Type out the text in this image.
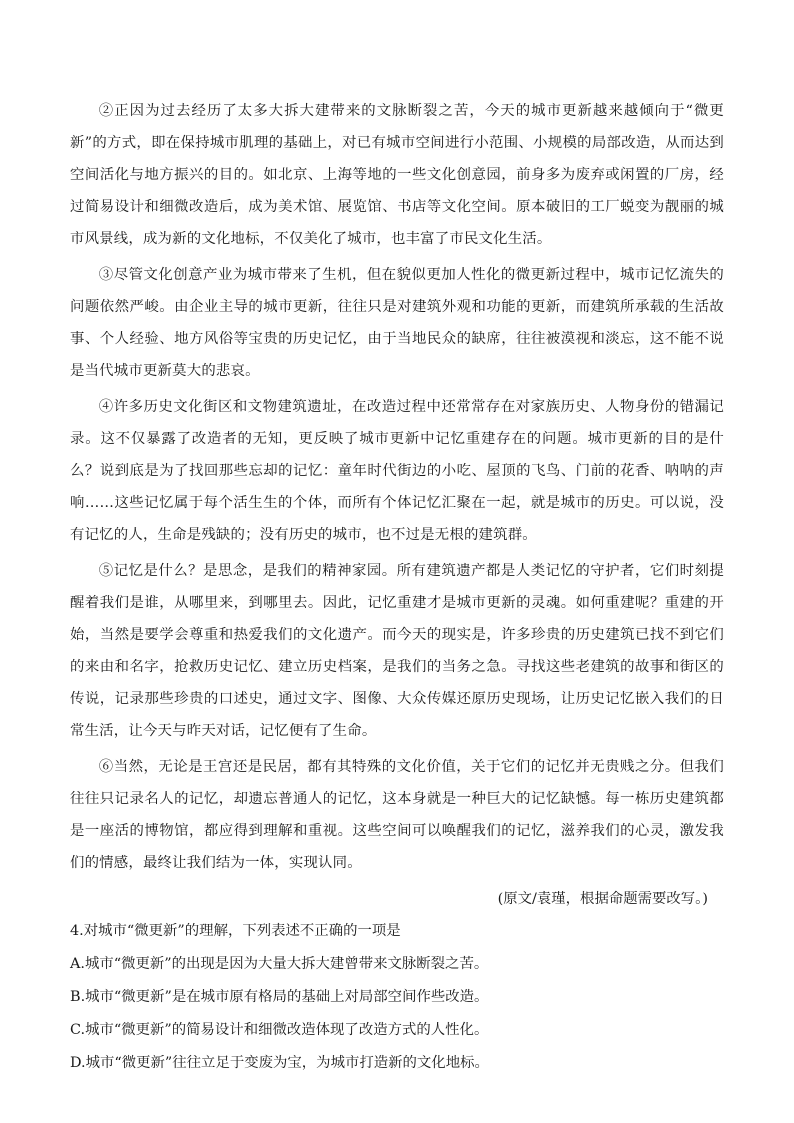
②正因为过去经历了太多大拆大建带来的文脉断裂之苦，今天的城市更新越来越倾向于“微更新”的方式，即在保持城市肌理的基础上，对已有城市空间进行小范围、小规模的局部改造，从而达到空间活化与地方振兴的目的。如北京、上海等地的一些文化创意园，前身多为废弃或闲置的厂房，经过简易设计和细微改造后，成为美术馆、展览馆、书店等文化空间。原本破旧的工厂蜕变为靓丽的城市风景线，成为新的文化地标，不仅美化了城市，也丰富了市民文化生活。

③尽管文化创意产业为城市带来了生机，但在貌似更加人性化的微更新过程中，城市记忆流失的问题依然严峻。由企业主导的城市更新，往往只是对建筑外观和功能的更新，而建筑所承载的生活故事、个人经验、地方风俗等宝贵的历史记忆，由于当地民众的缺席，往往被漠视和淡忘，这不能不说是当代城市更新莫大的悲哀。

④许多历史文化街区和文物建筑遗址，在改造过程中还常常存在对家族历史、人物身份的错漏记录。这不仅暴露了改造者的无知，更反映了城市更新中记忆重建存在的问题。城市更新的目的是什么？说到底是为了找回那些忘却的记忆：童年时代街边的小吃、屋顶的飞鸟、门前的花香、呐呐的声响……这些记忆属于每个活生生的个体，而所有个体记忆汇聚在一起，就是城市的历史。可以说，没有记忆的人，生命是残缺的；没有历史的城市，也不过是无根的建筑群。

⑤记忆是什么？是思念，是我们的精神家园。所有建筑遗产都是人类记忆的守护者，它们时刻提醒着我们是谁，从哪里来，到哪里去。因此，记忆重建才是城市更新的灵魂。如何重建呢？重建的开始，当然是要学会尊重和热爱我们的文化遗产。而今天的现实是，许多珍贵的历史建筑已找不到它们的来由和名字，抢救历史记忆、建立历史档案，是我们的当务之急。寻找这些老建筑的故事和街区的传说，记录那些珍贵的口述史，通过文字、图像、大众传媒还原历史现场，让历史记忆嵌入我们的日常生活，让今天与昨天对话，记忆便有了生命。

⑥当然，无论是王宫还是民居，都有其特殊的文化价值，关于它们的记忆并无贵贱之分。但我们往往只记录名人的记忆，却遗忘普通人的记忆，这本身就是一种巨大的记忆缺憾。每一栋历史建筑都是一座活的博物馆，都应得到理解和重视。这些空间可以唤醒我们的记忆，滋养我们的心灵，激发我们的情感，最终让我们结为一体，实现认同。

(原文/袁瑾，根据命题需要改写。)

4.对城市“微更新”的理解，下列表述不正确的一项是

A.城市“微更新”的出现是因为大量大拆大建曾带来文脉断裂之苦。

B.城市“微更新”是在城市原有格局的基础上对局部空间作些改造。

C.城市“微更新”的简易设计和细微改造体现了改造方式的人性化。

D.城市“微更新”往往立足于变废为宝，为城市打造新的文化地标。
